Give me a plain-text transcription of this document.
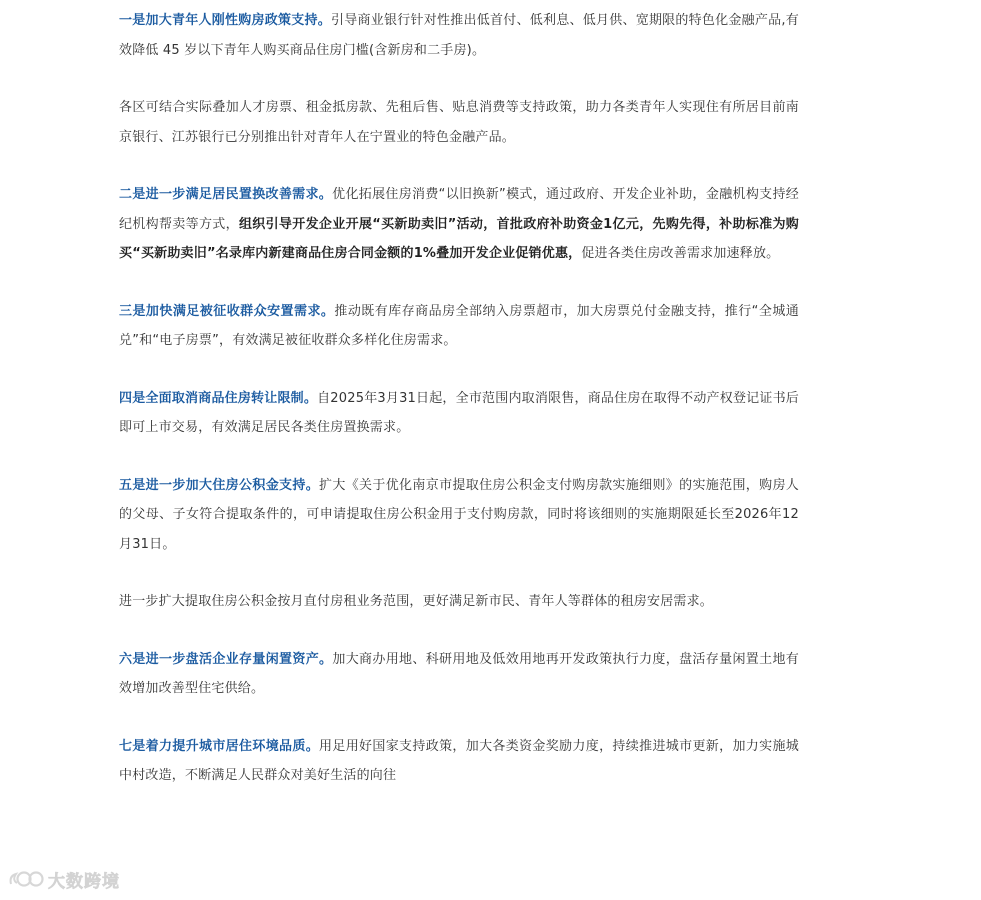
一是加大青年人刚性购房政策支持。引导商业银行针对性推出低首付、低利息、低月供、宽期限的特色化金融产品,有效降低 45 岁以下青年人购买商品住房门槛(含新房和二手房)。

各区可结合实际叠加人才房票、租金抵房款、先租后售、贴息消费等支持政策，助力各类青年人实现住有所居目前南京银行、江苏银行已分别推出针对青年人在宁置业的特色金融产品。

二是进一步满足居民置换改善需求。优化拓展住房消费“以旧换新”模式，通过政府、开发企业补助，金融机构支持经纪机构帮卖等方式，组织引导开发企业开展“买新助卖旧”活动，首批政府补助资金1亿元，先购先得，补助标准为购买“买新助卖旧”名录库内新建商品住房合同金额的1%叠加开发企业促销优惠，促进各类住房改善需求加速释放。

三是加快满足被征收群众安置需求。推动既有库存商品房全部纳入房票超市，加大房票兑付金融支持，推行“全城通兑”和“电子房票”，有效满足被征收群众多样化住房需求。

四是全面取消商品住房转让限制。自2025年3月31日起，全市范围内取消限售，商品住房在取得不动产权登记证书后即可上市交易，有效满足居民各类住房置换需求。

五是进一步加大住房公积金支持。扩大《关于优化南京市提取住房公积金支付购房款实施细则》的实施范围，购房人的父母、子女符合提取条件的，可申请提取住房公积金用于支付购房款，同时将该细则的实施期限延长至2026年12月31日。

进一步扩大提取住房公积金按月直付房租业务范围，更好满足新市民、青年人等群体的租房安居需求。

六是进一步盘活企业存量闲置资产。加大商办用地、科研用地及低效用地再开发政策执行力度，盘活存量闲置土地有效增加改善型住宅供给。

七是着力提升城市居住环境品质。用足用好国家支持政策，加大各类资金奖励力度，持续推进城市更新，加力实施城中村改造，不断满足人民群众对美好生活的向往

大数跨境
